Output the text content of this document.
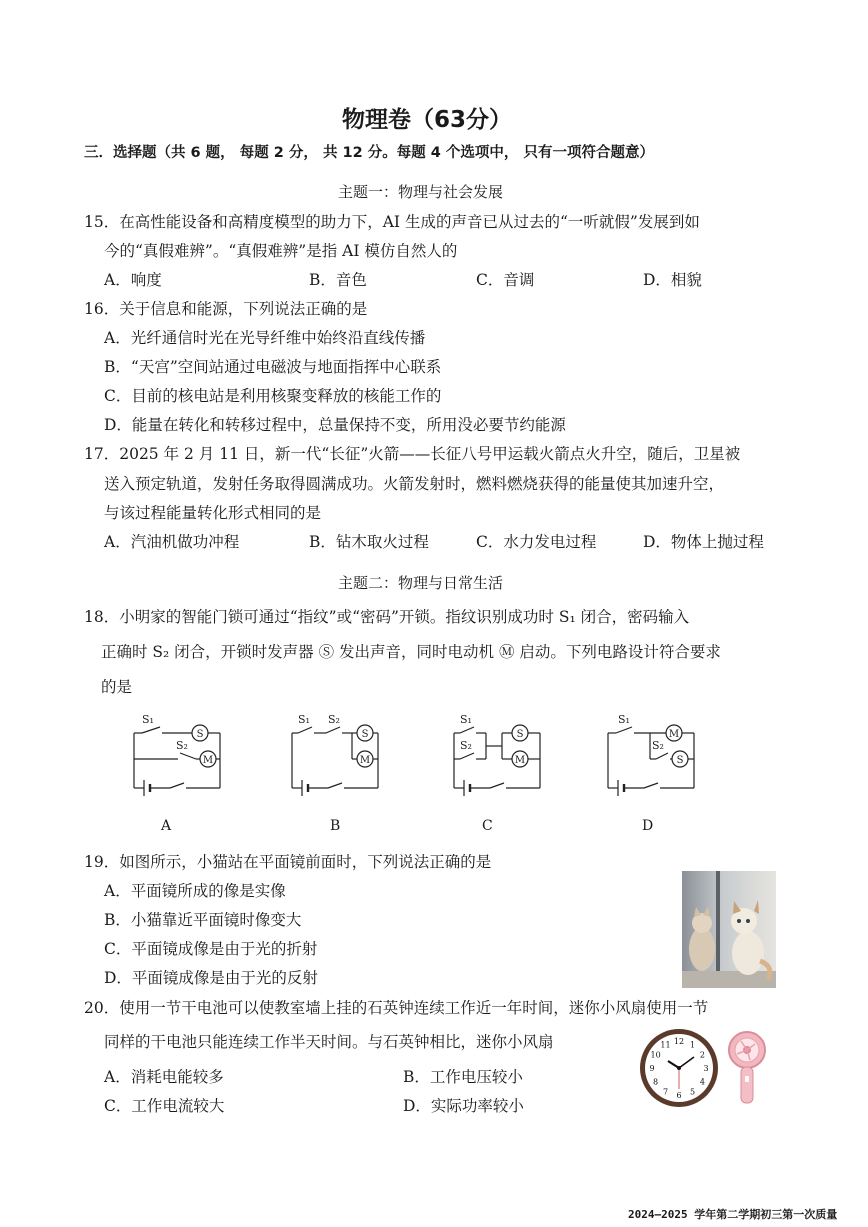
物理卷（63分）
三．选择题（共 6 题， 每题 2 分， 共 12 分。每题 4 个选项中， 只有一项符合题意）
主题一：物理与社会发展
15．在高性能设备和高精度模型的助力下，AI 生成的声音已从过去的“一听就假”发展到如
今的“真假难辨”。“真假难辨”是指 AI 模仿自然人的
A．响度	B．音色	C．音调	D．相貌
16．关于信息和能源，下列说法正确的是
A．光纤通信时光在光导纤维中始终沿直线传播
B．“天宫”空间站通过电磁波与地面指挥中心联系
C．目前的核电站是利用核聚变释放的核能工作的
D．能量在转化和转移过程中，总量保持不变，所用没必要节约能源
17．2025 年 2 月 11 日，新一代“长征”火箭——长征八号甲运载火箭点火升空，随后，卫星被
送入预定轨道，发射任务取得圆满成功。火箭发射时，燃料燃烧获得的能量使其加速升空，
与该过程能量转化形式相同的是
A．汽油机做功冲程	B．钻木取火过程	C．水力发电过程	D．物体上抛过程
主题二：物理与日常生活
18．小明家的智能门锁可通过“指纹”或“密码”开锁。指纹识别成功时 S₁ 闭合，密码输入
正确时 S₂ 闭合，开锁时发声器 Ⓢ 发出声音，同时电动机 Ⓜ 启动。下列电路设计符合要求
的是
S₁
S₂
S
M
S₁ S₂
S
M
S₁
S₂
S
M
S₁
S₂
M
S
A	B	C	D
19．如图所示，小猫站在平面镜前面时，下列说法正确的是
A．平面镜所成的像是实像
B．小猫靠近平面镜时像变大
C．平面镜成像是由于光的折射
D．平面镜成像是由于光的反射
20．使用一节干电池可以使教室墙上挂的石英钟连续工作近一年时间，迷你小风扇使用一节
同样的干电池只能连续工作半天时间。与石英钟相比，迷你小风扇
A．消耗电能较多	B．工作电压较小
C．工作电流较大	D．实际功率较小
12 1
2
3
4
5
6
7
8
9
10
11
2024—2025 学年第二学期初三第一次质量
